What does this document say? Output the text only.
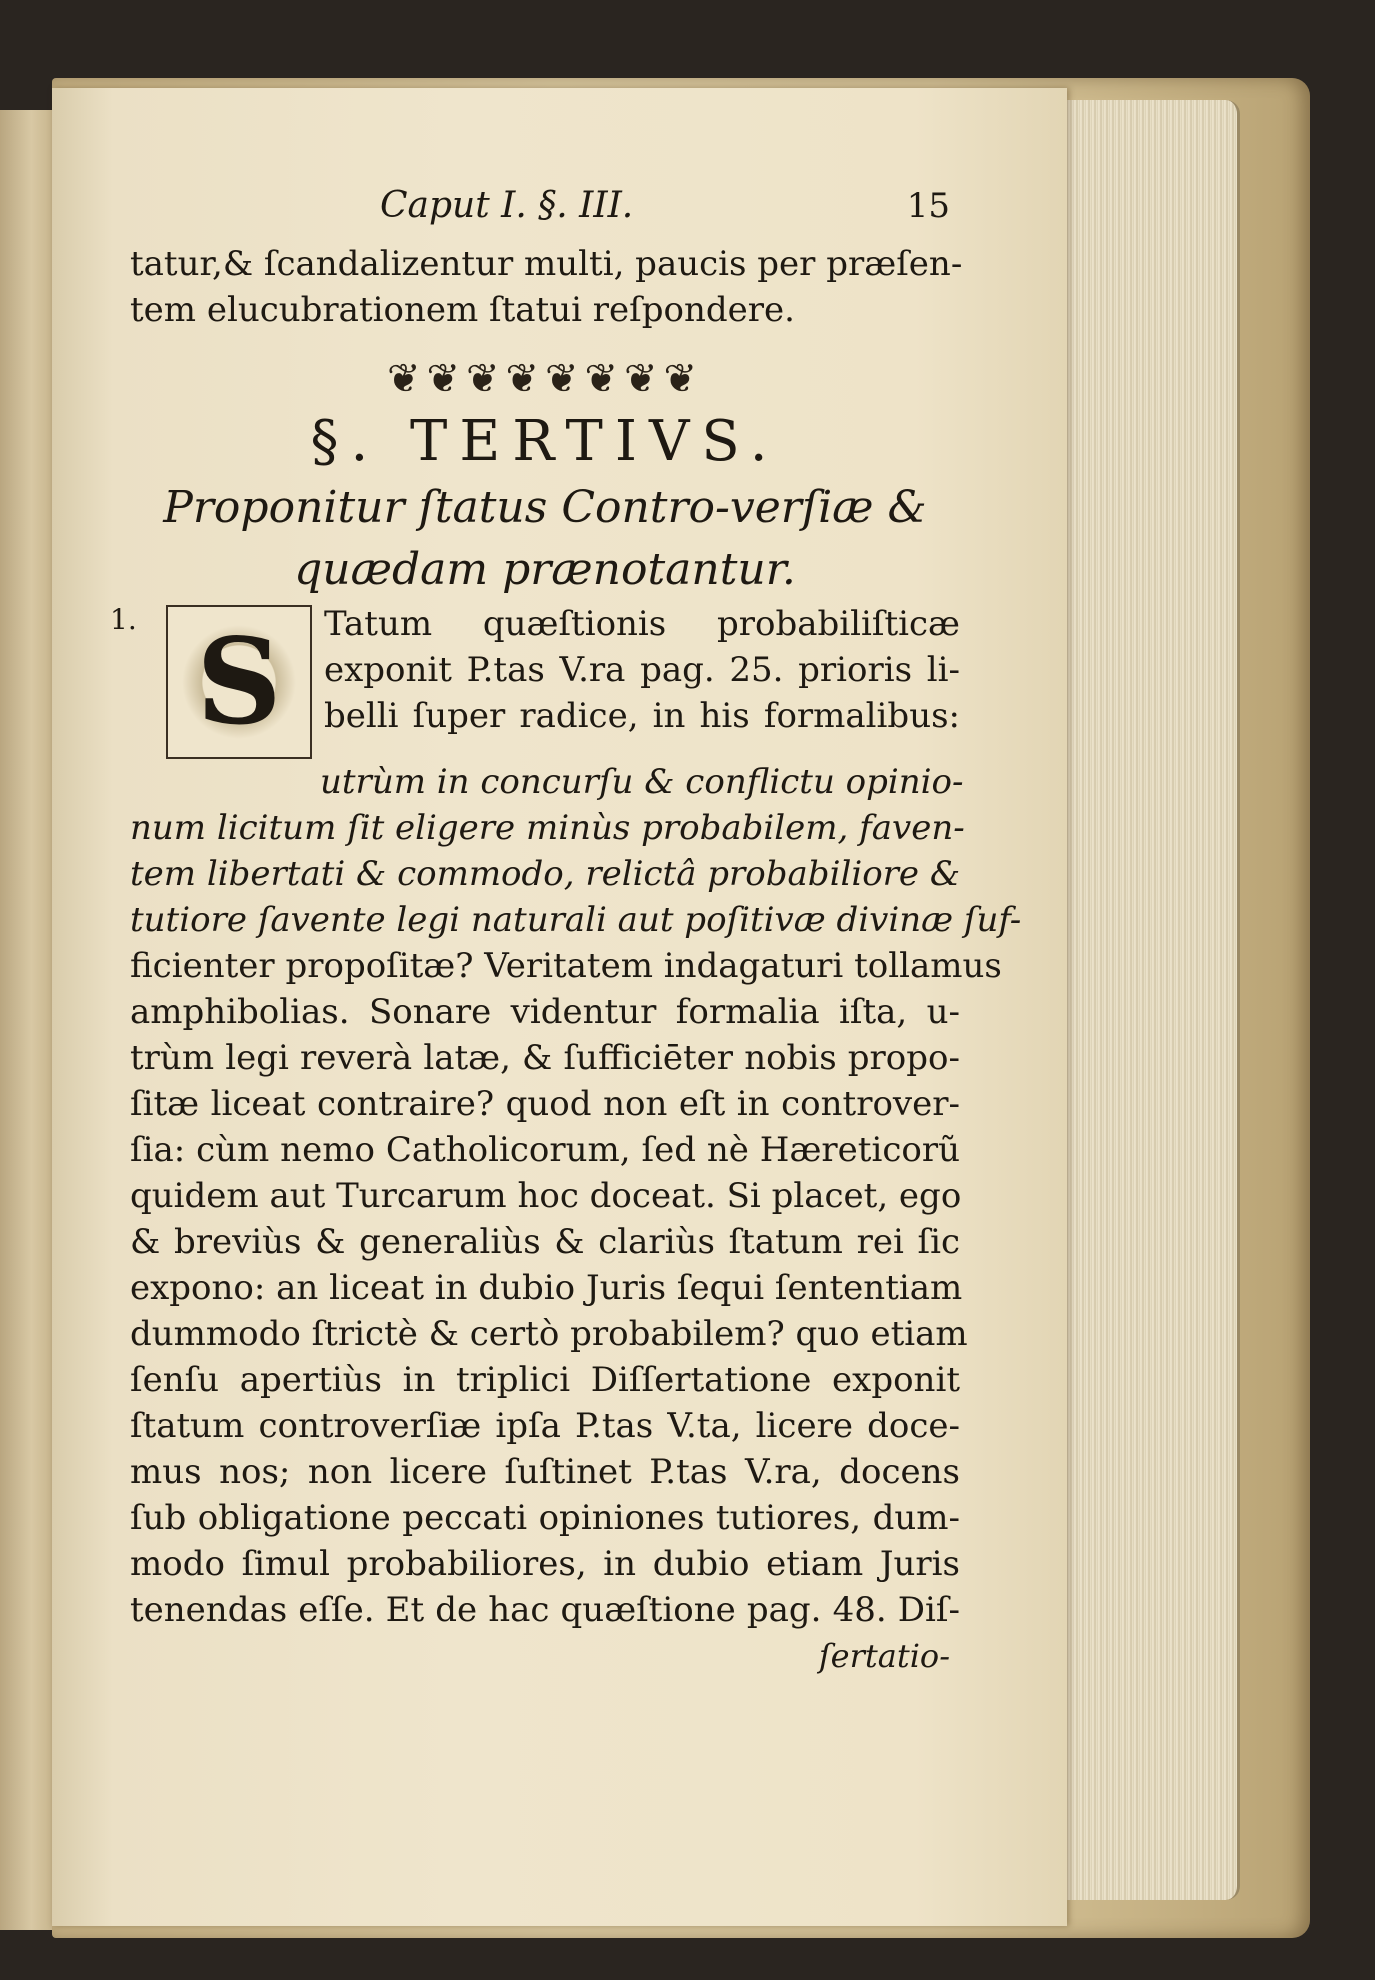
Caput I. §. III.	15
tatur,& ſcandalizentur multi, paucis per præſen-
tem elucubrationem ſtatui reſpondere.
❦❦❦❦❦❦❦❦
§. TERTIVS.
Proponitur ſtatus Contro-verſiæ &
quædam prænotantur.
1. S	Tatum quæſtionis probabiliſticæ
exponit P.tas V.ra pag. 25. prioris li-
belli ſuper radice, in his formalibus:
utrùm in concurſu & conflictu opinio-
num licitum ſit eligere minùs probabilem, faven-
tem libertati & commodo, relictâ probabiliore &
tutiore ſavente legi naturali aut poſitivæ divinæ ſuf-
ficienter propoſitæ? Veritatem indagaturi tollamus
amphibolias. Sonare videntur formalia iſta, u-
trùm legi reverà latæ, & ſufficiēter nobis propo-
ſitæ liceat contraire? quod non eſt in controver-
ſia: cùm nemo Catholicorum, ſed nè Hæreticorũ
quidem aut Turcarum hoc doceat. Si placet, ego
& breviùs & generaliùs & clariùs ſtatum rei ſic
expono: an liceat in dubio Juris ſequi ſententiam
dummodo ſtrictè & certò probabilem? quo etiam
ſenſu apertiùs in triplici Diſſertatione exponit
ſtatum controverſiæ ipſa P.tas V.ta, licere doce-
mus nos; non licere ſuſtinet P.tas V.ra, docens
ſub obligatione peccati opiniones tutiores, dum-
modo ſimul probabiliores, in dubio etiam Juris
tenendas eſſe. Et de hac quæſtione pag. 48. Diſ-
ſertatio-
